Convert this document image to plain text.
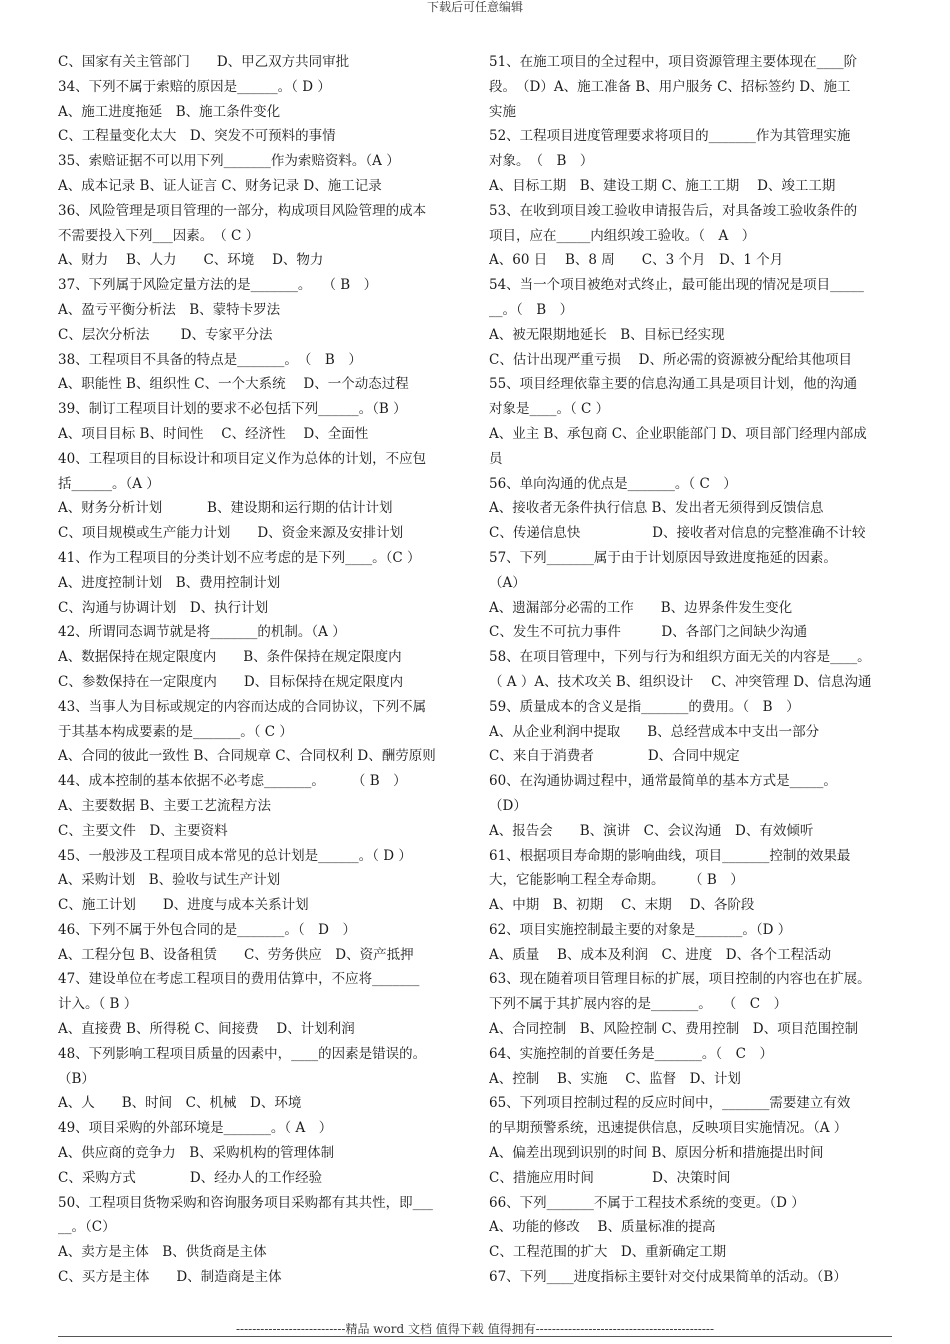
下载后可任意编辑
C、国家有关主管部门　　D、甲乙双方共同审批
34、下列不属于索赔的原因是______。（ D ）
A、施工进度拖延　B、施工条件变化
C、工程量变化太大　D、突发不可预料的事情
35、索赔证据不可以用下列_______作为索赔资料。（A ）
A、成本记录 B、证人证言 C、财务记录 D、施工记录
36、风险管理是项目管理的一部分，构成项目风险管理的成本
不需要投入下列___因素。　（ C ）
A、财力　 B、人力　　C、环境　 D、物力
37、下列属于风险定量方法的是_______。　 （ B　）
A、盈亏平衡分析法　B、蒙特卡罗法
C、层次分析法　　 D、专家平分法
38、工程项目不具备的特点是_______。　（　B　）
A、职能性 B、组织性 C、一个大系统　 D、一个动态过程
39、制订工程项目计划的要求不必包括下列______。（B ）
A、项目目标 B、时间性　 C、经济性　 D、全面性
40、工程项目的目标设计和项目定义作为总体的计划，不应包
括______。（A ）
A、财务分析计划　　　 B、建设期和运行期的估计计划
C、项目规模或生产能力计划　　D、资金来源及安排计划
41、作为工程项目的分类计划不应考虑的是下列____。（C ）
A、进度控制计划　B、费用控制计划
C、沟通与协调计划　D、执行计划
42、所谓同态调节就是将_______的机制。（A ）
A、数据保持在规定限度内　　B、条件保持在规定限度内
C、参数保持在一定限度内　　D、目标保持在规定限度内
43、当事人为目标或规定的内容而达成的合同协议，下列不属
于其基本构成要素的是_______。（ C ）
A、合同的彼此一致性 B、合同规章 C、合同权利 D、酬劳原则
44、成本控制的基本依据不必考虑_______。　　　（ B　）
A、主要数据 B、主要工艺流程方法
C、主要文件　D、主要资料
45、一般涉及工程项目成本常见的总计划是______。（ D ）
A、采购计划　B、验收与试生产计划
C、施工计划　　D、进度与成本关系计划
46、下列不属于外包合同的是_______。（　D　）
A、工程分包 B、设备租赁　　C、劳务供应　D、资产抵押
47、建设单位在考虑工程项目的费用估算中，不应将_______
计入。（ B ）
A、直接费 B、所得税 C、间接费　 D、计划利润
48、下列影响工程项目质量的因素中，____的因素是错误的。
（B）
A、人　　B、时间　C、机械　D、环境
49、项目采购的外部环境是_______。（ A　）
A、供应商的竞争力　B、采购机构的管理体制
C、采购方式　　　　D、经办人的工作经验
50、工程项目货物采购和咨询服务项目采购都有其共性，即___
__。（C）
A、卖方是主体　B、供货商是主体
C、买方是主体　　D、制造商是主体
51、在施工项目的全过程中，项目资源管理主要体现在____阶
段。　（D）A、施工准备 B、用户服务 C、招标签约 D、施工
实施
52、工程项目进度管理要求将项目的_______作为其管理实施
对象。　（　B　）
A、目标工期　B、建设工期 C、施工工期　 D、竣工工期
53、在收到项目竣工验收申请报告后，对具备竣工验收条件的
项目，应在_____内组织竣工验收。（　A　）
A、60 日　 B、8 周　　C、3 个月　D、1 个月
54、当一个项目被绝对式终止，最可能出现的情况是项目_____
__。（　B　）
A、被无限期地延长　B、目标已经实现
C、估计出现严重亏损　 D、所必需的资源被分配给其他项目
55、项目经理依靠主要的信息沟通工具是项目计划，他的沟通
对象是____。（ C ）
A、业主 B、承包商 C、企业职能部门 D、项目部门经理内部成
员
56、单向沟通的优点是_______。（ C　）
A、接收者无条件执行信息 B、发出者无须得到反馈信息
C、传递信息快　　　　　 D、接收者对信息的完整准确不计较
57、下列_______属于由于计划原因导致进度拖延的因素。
（A）
A、遗漏部分必需的工作　　B、边界条件发生变化
C、发生不可抗力事件　　　D、各部门之间缺少沟通
58、在项目管理中，下列与行为和组织方面无关的内容是____。
（ A ）A、技术攻关 B、组织设计　 C、冲突管理 D、信息沟通
59、质量成本的含义是指_______的费用。（　B　）
A、从企业利润中提取　　B、总经营成本中支出一部分
C、来自于消费者　　　　D、合同中规定
60、在沟通协调过程中，通常最简单的基本方式是_____。
（D）
A、报告会　　B、演讲　C、会议沟通　D、有效倾听
61、根据项目寿命期的影响曲线，项目_______控制的效果最
大，它能影响工程全寿命期。　　 （ B　）
A、中期　B、初期　 C、末期　 D、各阶段
62、项目实施控制最主要的对象是_______。（D ）
A、质量　 B、成本及利润　C、进度　D、各个工程活动
63、现在随着项目管理目标的扩展，项目控制的内容也在扩展。
下列不属于其扩展内容的是_______。　 （　C　）
A、合同控制　B、风险控制 C、费用控制　D、项目范围控制
64、实施控制的首要任务是_______。（　C　）
A、控制　 B、实施　 C、监督　D、计划
65、下列项目控制过程的反应时间中，_______需要建立有效
的早期预警系统，迅速提供信息，反映项目实施情况。（A ）
A、偏差出现到识别的时间 B、原因分析和措施提出时间
C、措施应用时间　　　　 D、决策时间
66、下列_______不属于工程技术系统的变更。（D ）
A、功能的修改　 B、质量标准的提高
C、工程范围的扩大　D、重新确定工期
67、下列____进度指标主要针对交付成果简单的活动。（B）
---------------------------精品 word 文档 值得下载 值得拥有--------------------------------------------
